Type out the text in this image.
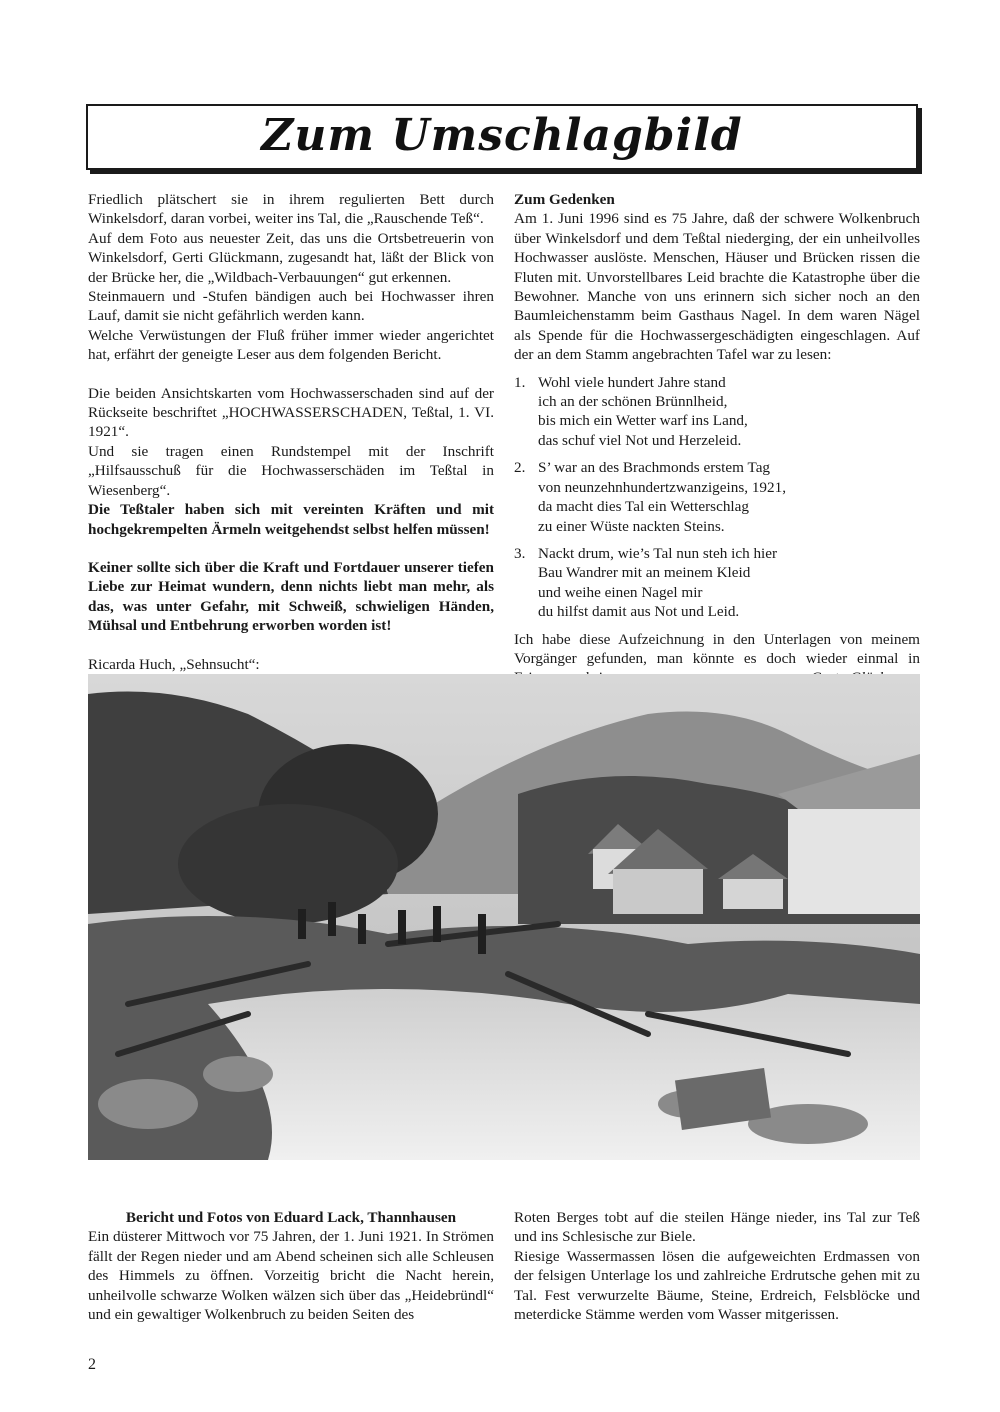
Zum Umschlagbild

Friedlich plätschert sie in ihrem regulierten Bett durch Winkelsdorf, daran vorbei, weiter ins Tal, die „Rauschende Teß“.

Auf dem Foto aus neuester Zeit, das uns die Ortsbetreuerin von Winkelsdorf, Gerti Glückmann, zugesandt hat, läßt der Blick von der Brücke her, die „Wildbach-Verbauungen“ gut erkennen.

Steinmauern und -Stufen bändigen auch bei Hochwasser ihren Lauf, damit sie nicht gefährlich werden kann.

Welche Verwüstungen der Fluß früher immer wieder angerichtet hat, erfährt der geneigte Leser aus dem folgenden Bericht.

Die beiden Ansichtskarten vom Hochwasserschaden sind auf der Rückseite beschriftet „HOCHWASSERSCHADEN, Teßtal, 1. VI. 1921“.

Und sie tragen einen Rundstempel mit der Inschrift „Hilfsausschuß für die Hochwasserschäden im Teßtal in Wiesenberg“.

Die Teßtaler haben sich mit vereinten Kräften und mit hochgekrempelten Ärmeln weitgehendst selbst helfen müssen!

Keiner sollte sich über die Kraft und Fortdauer unserer tiefen Liebe zur Heimat wundern, denn nichts liebt man mehr, als das, was unter Gefahr, mit Schweiß, schwieligen Händen, Mühsal und Entbehrung erworben worden ist!

Ricarda Huch, „Sehnsucht“:

Zum Gedenken

Am 1. Juni 1996 sind es 75 Jahre, daß der schwere Wolkenbruch über Winkelsdorf und dem Teßtal niederging, der ein unheilvolles Hochwasser auslöste. Menschen, Häuser und Brücken rissen die Fluten mit. Unvorstellbares Leid brachte die Katastrophe über die Bewohner. Manche von uns erinnern sich sicher noch an den Baumleichenstamm beim Gasthaus Nagel. In dem waren Nägel als Spende für die Hochwassergeschädigten eingeschlagen. Auf der an dem Stamm angebrachten Tafel war zu lesen:

1. Wohl viele hundert Jahre stand
ich an der schönen Brünnlheid,
bis mich ein Wetter warf ins Land,
das schuf viel Not und Herzeleid.
2. S’ war an des Brachmonds erstem Tag
von neunzehnhundertzwanzigeins, 1921,
da macht dies Tal ein Wetterschlag
zu einer Wüste nackten Steins.
3. Nackt drum, wie’s Tal nun steh ich hier
Bau Wandrer mit an meinem Kleid
und weihe einen Nagel mir
du hilfst damit aus Not und Leid.

Ich habe diese Aufzeichnung in den Unterlagen von meinem Vorgänger gefunden, man könnte es doch wieder einmal in

Bericht und Fotos von Eduard Lack, Thannhausen

Ein düsterer Mittwoch vor 75 Jahren, der 1. Juni 1921. In Strömen fällt der Regen nieder und am Abend scheinen sich alle Schleusen des Himmels zu öffnen. Vorzeitig bricht die Nacht herein, unheilvolle schwarze Wolken wälzen sich über das „Heidebründl“ und ein gewaltiger Wolkenbruch zu beiden Seiten des

Roten Berges tobt auf die steilen Hänge nieder, ins Tal zur Teß und ins Schlesische zur Biele.

Riesige Wassermassen lösen die aufgeweichten Erdmassen von der felsigen Unterlage los und zahlreiche Erdrutsche gehen mit zu Tal. Fest verwurzelte Bäume, Steine, Erdreich, Felsblöcke und meterdicke Stämme werden vom Wasser mitgerissen.

2
